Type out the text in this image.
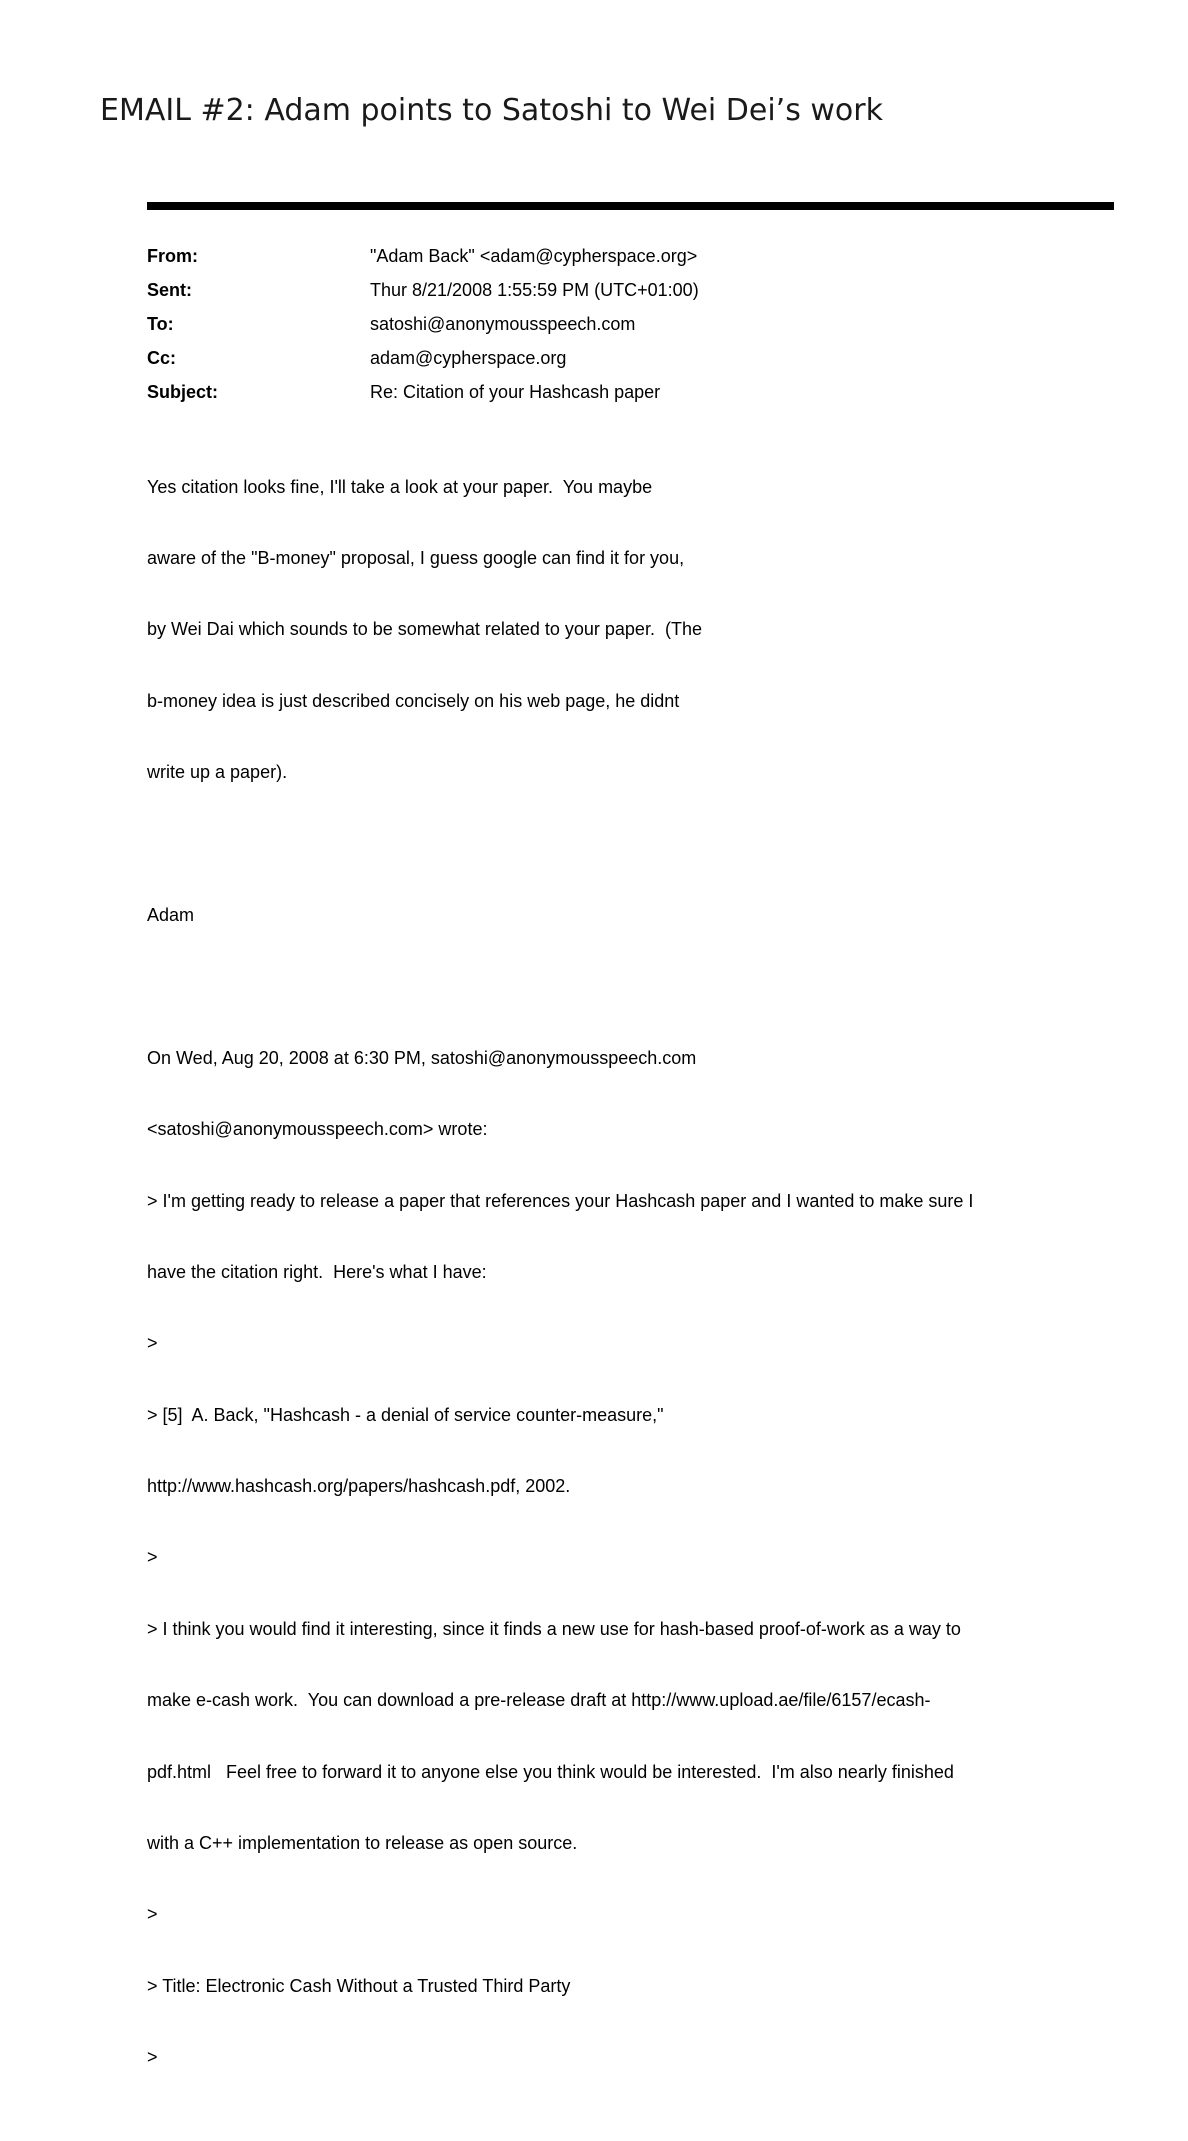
EMAIL #2: Adam points to Satoshi to Wei Dei’s work
From:	"Adam Back" <adam@cypherspace.org>
Sent:	Thur 8/21/2008 1:55:59 PM (UTC+01:00)
To:	satoshi@anonymousspeech.com
Cc:	adam@cypherspace.org
Subject:	Re: Citation of your Hashcash paper

Yes citation looks fine, I'll take a look at your paper.  You maybe

aware of the "B-money" proposal, I guess google can find it for you,

by Wei Dai which sounds to be somewhat related to your paper.  (The

b-money idea is just described concisely on his web page, he didnt

write up a paper).

Adam

On Wed, Aug 20, 2008 at 6:30 PM, satoshi@anonymousspeech.com

<satoshi@anonymousspeech.com> wrote:

> I'm getting ready to release a paper that references your Hashcash paper and I wanted to make sure I

have the citation right.  Here's what I have:

>

> [5]  A. Back, "Hashcash - a denial of service counter-measure,"

http://www.hashcash.org/papers/hashcash.pdf, 2002.

>

> I think you would find it interesting, since it finds a new use for hash-based proof-of-work as a way to

make e-cash work.  You can download a pre-release draft at http://www.upload.ae/file/6157/ecash-

pdf.html   Feel free to forward it to anyone else you think would be interested.  I'm also nearly finished

with a C++ implementation to release as open source.

>

> Title: Electronic Cash Without a Trusted Third Party

>
